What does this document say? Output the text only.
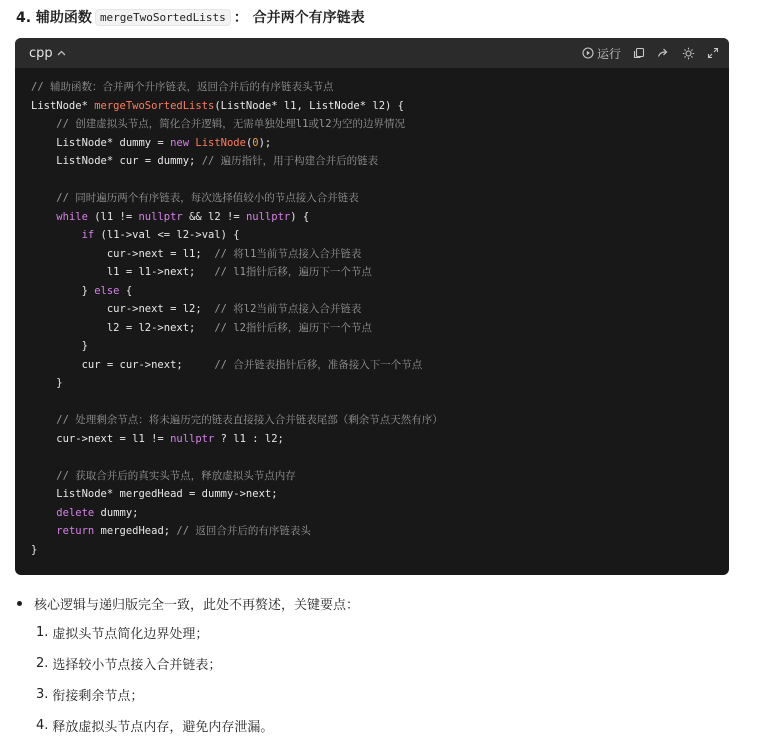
4. 辅助函数 mergeTwoSortedLists ： 合并两个有序链表
cpp	运行
// 辅助函数：合并两个升序链表，返回合并后的有序链表头节点
ListNode* mergeTwoSortedLists(ListNode* l1, ListNode* l2) {
// 创建虚拟头节点，简化合并逻辑，无需单独处理l1或l2为空的边界情况
ListNode* dummy = new ListNode(0);
ListNode* cur = dummy; // 遍历指针，用于构建合并后的链表

// 同时遍历两个有序链表，每次选择值较小的节点接入合并链表
while (l1 != nullptr && l2 != nullptr) {
if (l1->val <= l2->val) {
cur->next = l1;  // 将l1当前节点接入合并链表
l1 = l1->next;   // l1指针后移，遍历下一个节点
} else {
cur->next = l2;  // 将l2当前节点接入合并链表
l2 = l2->next;   // l2指针后移，遍历下一个节点
}
cur = cur->next;     // 合并链表指针后移，准备接入下一个节点
}

// 处理剩余节点：将未遍历完的链表直接接入合并链表尾部（剩余节点天然有序）
cur->next = l1 != nullptr ? l1 : l2;

// 获取合并后的真实头节点，释放虚拟头节点内存
ListNode* mergedHead = dummy->next;
delete dummy;
return mergedHead; // 返回合并后的有序链表头
}
核心逻辑与递归版完全一致，此处不再赘述，关键要点：
1. 虚拟头节点简化边界处理；
2. 选择较小节点接入合并链表；
3. 衔接剩余节点；
4. 释放虚拟头节点内存，避免内存泄漏。
